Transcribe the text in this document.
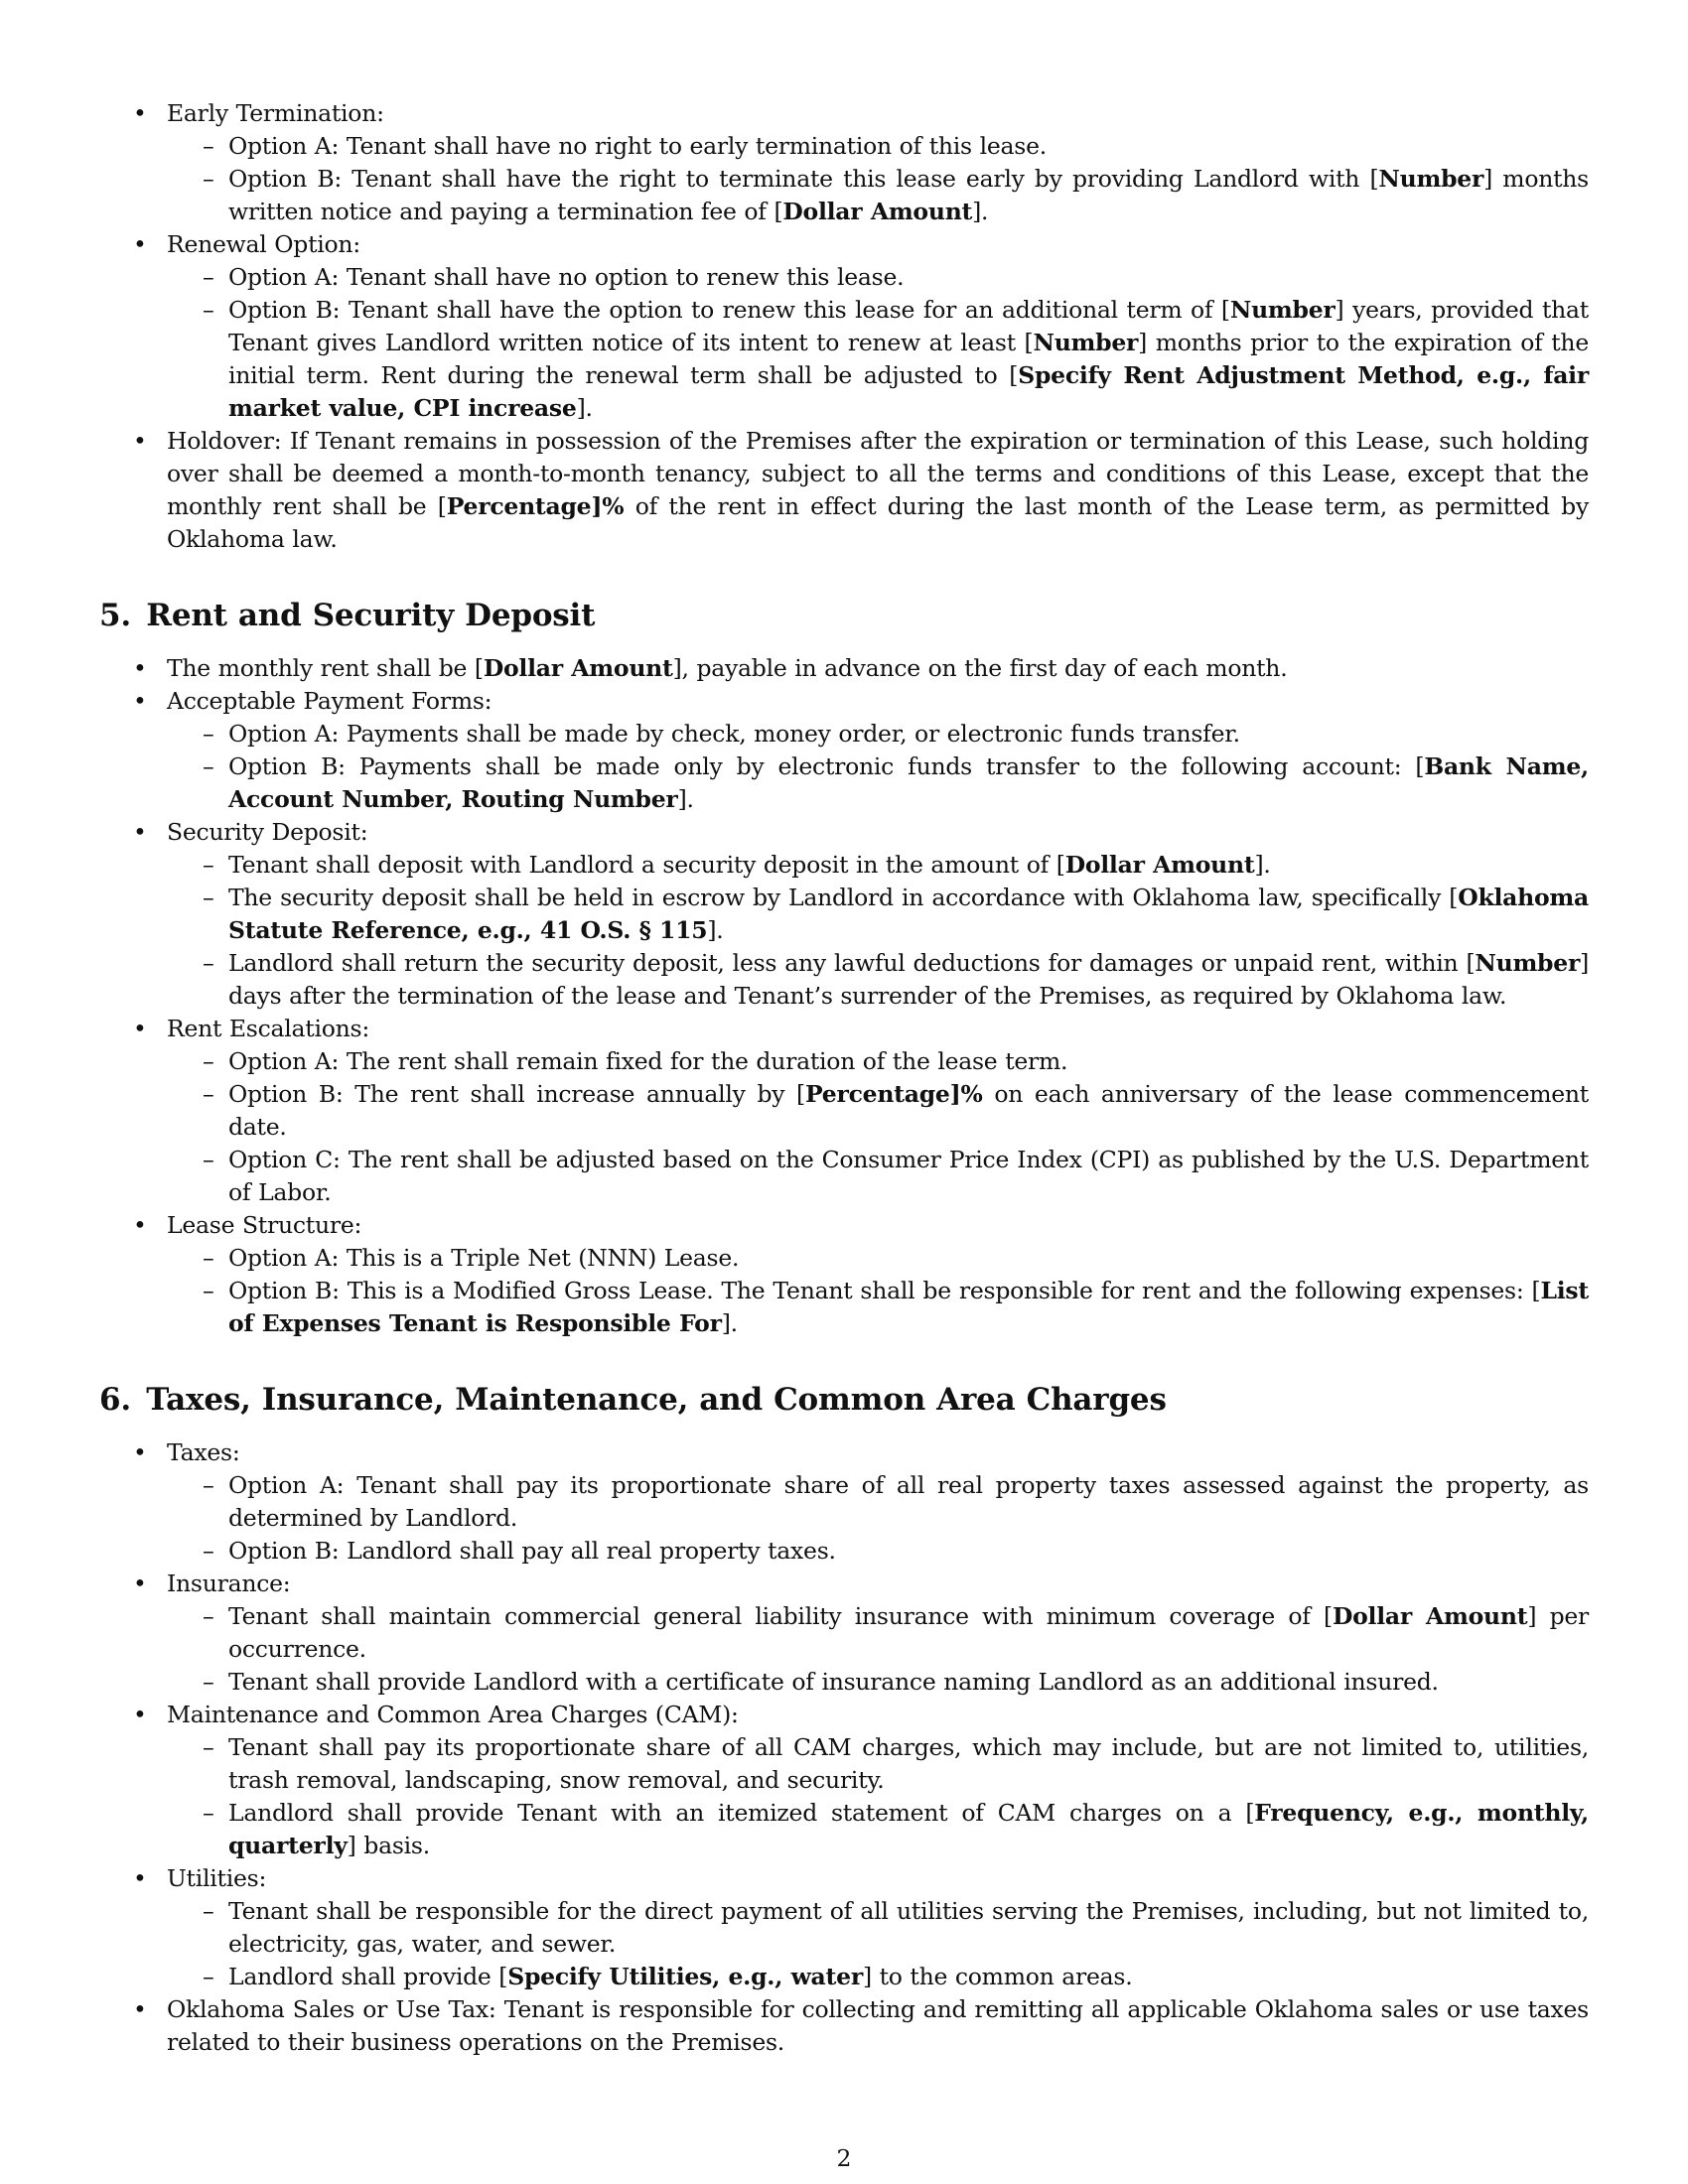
• Early Termination:
– Option A: Tenant shall have no right to early termination of this lease.
– Option B: Tenant shall have the right to terminate this lease early by providing Landlord with [Number] months written notice and paying a termination fee of [Dollar Amount].
• Renewal Option:
– Option A: Tenant shall have no option to renew this lease.
– Option B: Tenant shall have the option to renew this lease for an additional term of [Number] years, provided that Tenant gives Landlord written notice of its intent to renew at least [Number] months prior to the expiration of the initial term. Rent during the renewal term shall be adjusted to [Specify Rent Adjustment Method, e.g., fair market value, CPI increase].
• Holdover: If Tenant remains in possession of the Premises after the expiration or termination of this Lease, such holding over shall be deemed a month-to-month tenancy, subject to all the terms and conditions of this Lease, except that the monthly rent shall be [Percentage]% of the rent in effect during the last month of the Lease term, as permitted by Oklahoma law.
5. Rent and Security Deposit
• The monthly rent shall be [Dollar Amount], payable in advance on the first day of each month.
• Acceptable Payment Forms:
– Option A: Payments shall be made by check, money order, or electronic funds transfer.
– Option B: Payments shall be made only by electronic funds transfer to the following account: [Bank Name, Account Number, Routing Number].
• Security Deposit:
– Tenant shall deposit with Landlord a security deposit in the amount of [Dollar Amount].
– The security deposit shall be held in escrow by Landlord in accordance with Oklahoma law, specifically [Oklahoma Statute Reference, e.g., 41 O.S. § 115].
– Landlord shall return the security deposit, less any lawful deductions for damages or unpaid rent, within [Number] days after the termination of the lease and Tenant’s surrender of the Premises, as required by Oklahoma law.
• Rent Escalations:
– Option A: The rent shall remain fixed for the duration of the lease term.
– Option B: The rent shall increase annually by [Percentage]% on each anniversary of the lease commencement date.
– Option C: The rent shall be adjusted based on the Consumer Price Index (CPI) as published by the U.S. Department of Labor.
• Lease Structure:
– Option A: This is a Triple Net (NNN) Lease.
– Option B: This is a Modified Gross Lease. The Tenant shall be responsible for rent and the following expenses: [List of Expenses Tenant is Responsible For].
6. Taxes, Insurance, Maintenance, and Common Area Charges
• Taxes:
– Option A: Tenant shall pay its proportionate share of all real property taxes assessed against the property, as determined by Landlord.
– Option B: Landlord shall pay all real property taxes.
• Insurance:
– Tenant shall maintain commercial general liability insurance with minimum coverage of [Dollar Amount] per occurrence.
– Tenant shall provide Landlord with a certificate of insurance naming Landlord as an additional insured.
• Maintenance and Common Area Charges (CAM):
– Tenant shall pay its proportionate share of all CAM charges, which may include, but are not limited to, utilities, trash removal, landscaping, snow removal, and security.
– Landlord shall provide Tenant with an itemized statement of CAM charges on a [Frequency, e.g., monthly, quarterly] basis.
• Utilities:
– Tenant shall be responsible for the direct payment of all utilities serving the Premises, including, but not limited to, electricity, gas, water, and sewer.
– Landlord shall provide [Specify Utilities, e.g., water] to the common areas.
• Oklahoma Sales or Use Tax: Tenant is responsible for collecting and remitting all applicable Oklahoma sales or use taxes related to their business operations on the Premises.
2
